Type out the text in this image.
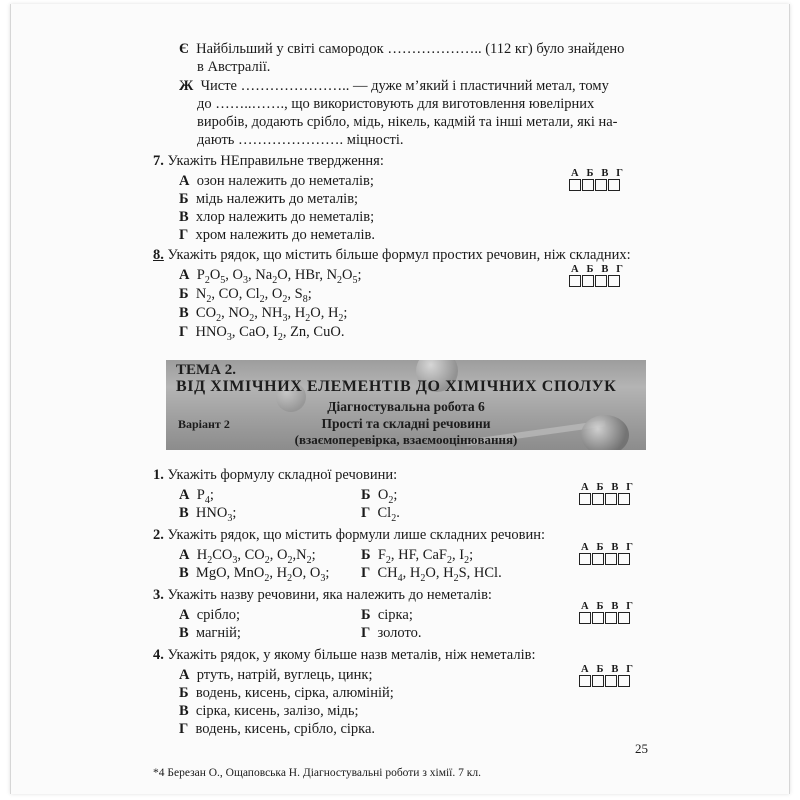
Є Найбільший у світі самородок ……………….. (112 кг) було знайдено
в Австралії.
Ж Чисте ………………….. — дуже м’який і пластичний метал, тому
до ……..……., що використовують для виготовлення ювелірних
виробів, додають срібло, мідь, нікель, кадмій та інші метали, які на-
дають …………………. міцності.
7. Укажіть НЕправильне твердження:
А озон належить до неметалів;
Б мідь належить до металів;
В хлор належить до неметалів;
Г хром належить до неметалів.
А Б В Г
8. Укажіть рядок, що містить більше формул простих речовин, ніж складних:
А  $P_2O_5$, $O_3$, $Na_2O$, HBr, $N_2O_5$;
Б  $N_2$, CO, $Cl_2$, $O_2$, $S_8$;
В  $CO_2$, $NO_2$, $NH_3$, $H_2O$, $H_2$;
Г  $HNO_3$, CaO, $I_2$, Zn, CuO.
А Б В Г
ТЕМА 2.
ВІД ХІМІЧНИХ ЕЛЕМЕНТІВ ДО ХІМІЧНИХ СПОЛУК
Варіант 2
Діагностувальна робота 6
Прості та складні речовини
(взаємоперевірка, взаємооцінювання)
1. Укажіть формулу складної речовини:
А  $P_4$;	Б  $O_2$;
В  $HNO_3$;	Г  $Cl_2$.
А Б В Г
2. Укажіть рядок, що містить формули лише складних речовин:
А  $H_2CO_3$, $CO_2$, $O_2,N_2$;	Б  $F_2$, HF, CaF$_2$, $I_2$;
В  MgO, MnO$_2$, $H_2O$, $O_3$; Г  $CH_4$, $H_2O$, $H_2S$, HCl.
А Б В Г
3. Укажіть назву речовини, яка належить до неметалів:
А срібло;	Б сірка;
В магній;	Г золото.
А Б В Г
4. Укажіть рядок, у якому більше назв металів, ніж неметалів:
А ртуть, натрій, вуглець, цинк;
Б водень, кисень, сірка, алюміній;
В сірка, кисень, залізо, мідь;
Г водень, кисень, срібло, сірка.
А Б В Г
25
*4 Березан О., Ощаповська Н. Діагностувальні роботи з хімії. 7 кл.
